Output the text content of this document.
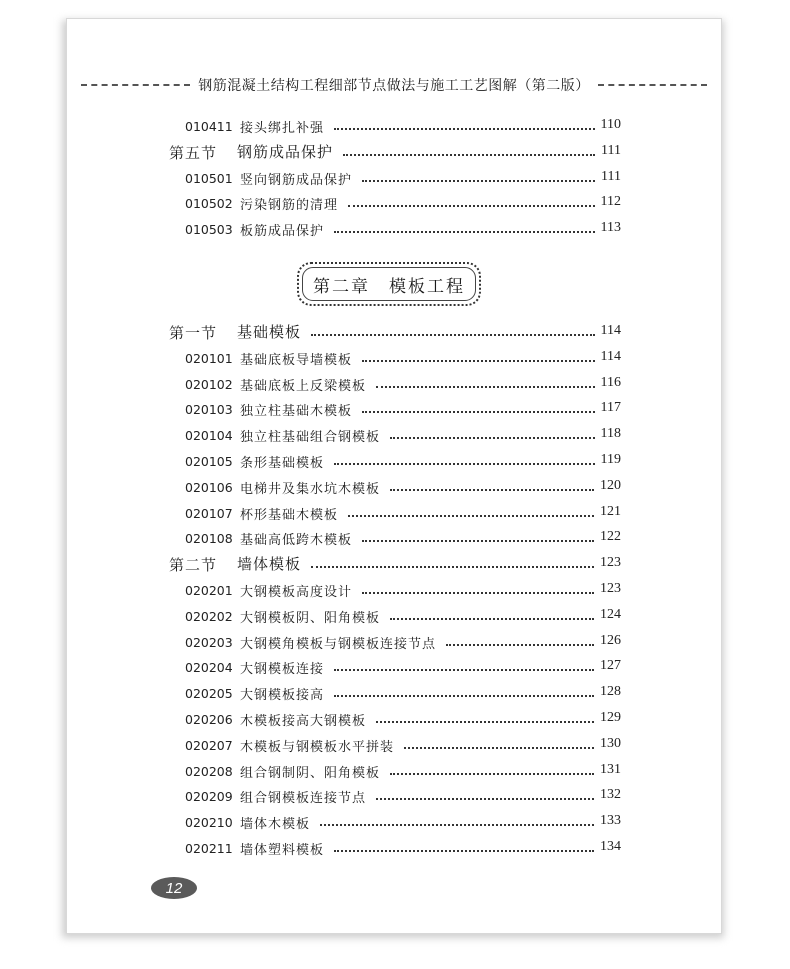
钢筋混凝土结构工程细部节点做法与施工工艺图解（第二版）
010411 接头绑扎补强	110
第五节 钢筋成品保护	111
010501 竖向钢筋成品保护	111
010502 污染钢筋的清理	112
010503 板筋成品保护	113
第二章　模板工程
第一节 基础模板	114
020101 基础底板导墙模板	114
020102 基础底板上反梁模板	116
020103 独立柱基础木模板	117
020104 独立柱基础组合钢模板	118
020105 条形基础模板	119
020106 电梯井及集水坑木模板	120
020107 杯形基础木模板	121
020108 基础高低跨木模板	122
第二节 墙体模板	123
020201 大钢模板高度设计	123
020202 大钢模板阴、阳角模板	124
020203 大钢模角模板与钢模板连接节点	126
020204 大钢模板连接	127
020205 大钢模板接高	128
020206 木模板接高大钢模板	129
020207 木模板与钢模板水平拼装	130
020208 组合钢制阴、阳角模板	131
020209 组合钢模板连接节点	132
020210 墙体木模板	133
020211 墙体塑料模板	134
12
